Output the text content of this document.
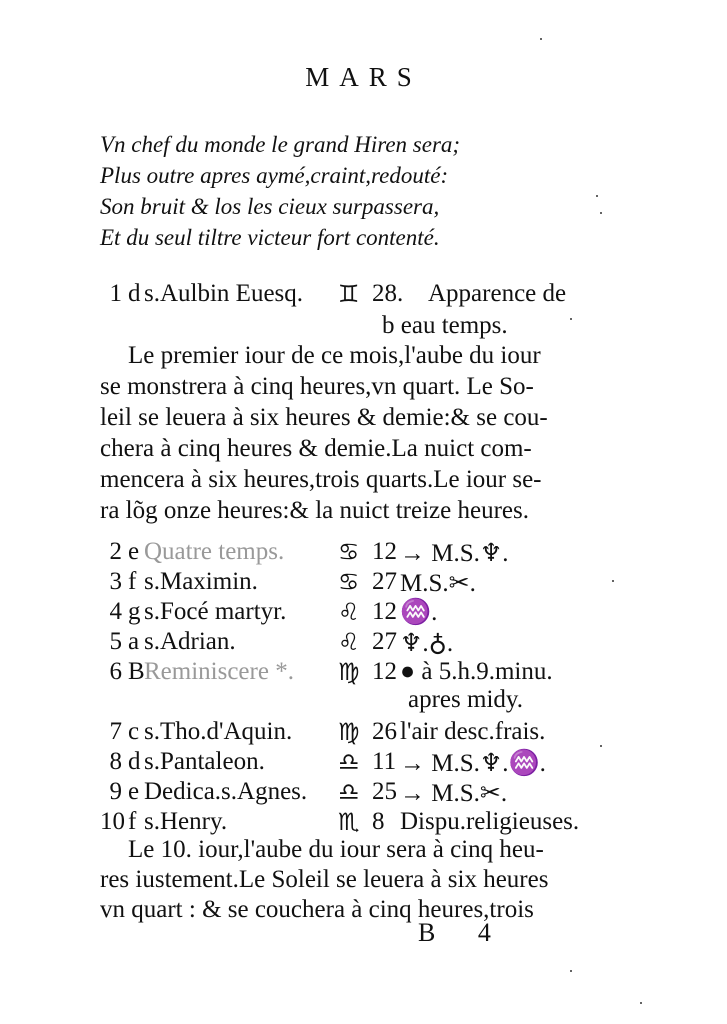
MARS
Vn chef du monde le grand Hiren sera;
Plus outre apres aymé,craint,redouté:
Son bruit & los les cieux surpassera,
Et du seul tiltre victeur fort contenté.
1 d s.Aulbin Euesq. ♊ 28. Apparence de
b eau temps.
Le premier iour de ce mois,l'aube du iour
se monstrera à cinq heures,vn quart. Le So-
leil se leuera à six heures & demie:& se cou-
chera à cinq heures & demie.La nuict com-
mencera à six heures,trois quarts.Le iour se-
ra lõg onze heures:& la nuict treize heures.
2 e Quatre temps. ♋ 12 → M.S.♆.
3 f s.Maximin.	♋ 27 M.S.✂.
4 g s.Focé martyr. ♌ 12 ♒.
5 a s.Adrian.	♌ 27 ♆.♁.
6 B Reminiscere *. ♍ 12 ● à 5.h.9.minu.
apres midy.
7 c s.Tho.d'Aquin. ♍ 26 l'air desc.frais.
8 d s.Pantaleon.	♎ 11 → M.S.♆.♒.
9 e Dedica.s.Agnes. ♎ 25 → M.S.✂.
10 f s.Henry.	♏ 8 Dispu.religieuses.
Le 10. iour,l'aube du iour sera à cinq heu-
res iustement.Le Soleil se leuera à six heures
vn quart : & se couchera à cinq heures,trois
B 4
